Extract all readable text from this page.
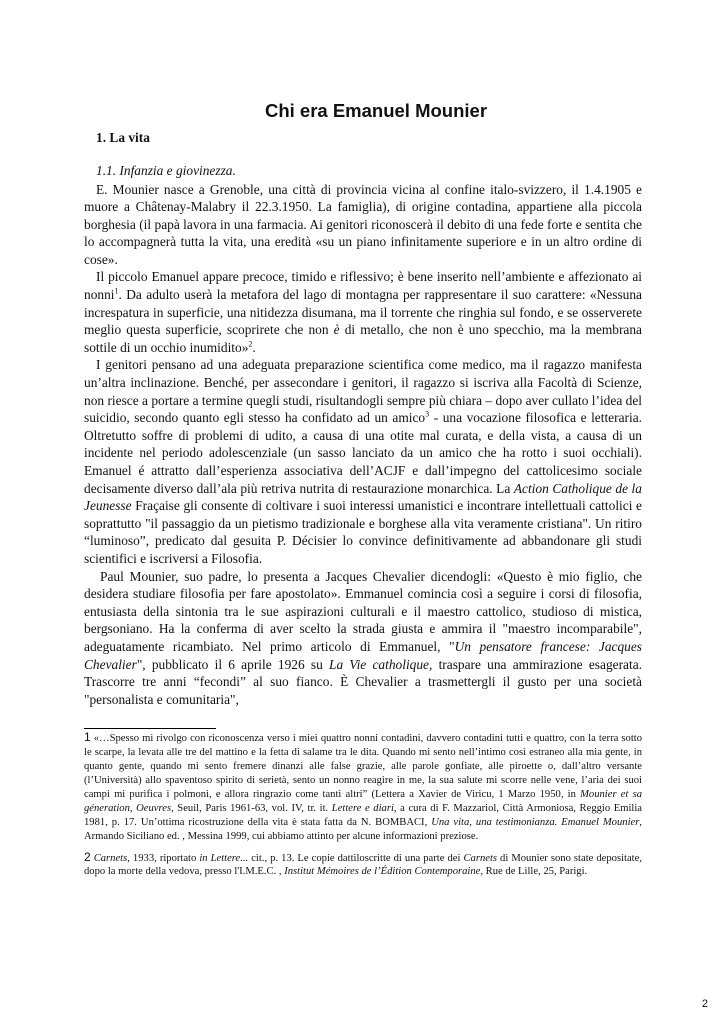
Chi era Emanuel Mounier
1. La vita
1.1. Infanzia e giovinezza.

E. Mounier nasce a Grenoble, una città di provincia vicina al confine italo-svizzero, il 1.4.1905 e muore a Châtenay-Malabry il 22.3.1950. La famiglia), di origine contadina, appartiene alla piccola borghesia (il papà lavora in una farmacia. Ai genitori riconoscerà il debito di una fede forte e sentita che lo accompagnerà tutta la vita, una eredità «su un piano infinitamente superiore e in un altro ordine di cose».

Il piccolo Emanuel appare precoce, timido e riflessivo; è bene inserito nell’ambiente e affezionato ai nonni$^1$. Da adulto userà la metafora del lago di montagna per rappresentare il suo carattere: «Nessuna increspatura in superficie, una nitidezza disumana, ma il torrente che ringhia sul fondo, e se osserverete meglio questa superficie, scoprirete che non è di metallo, che non è uno specchio, ma la membrana sottile di un occhio inumidito»$^2$.

I genitori pensano ad una adeguata preparazione scientifica come medico, ma il ragazzo manifesta un’altra inclinazione. Benché, per assecondare i genitori, il ragazzo si iscriva alla Facoltà di Scienze, non riesce a portare a termine quegli studi, risultandogli sempre più chiara – dopo aver cullato l’idea del suicidio, secondo quanto egli stesso ha confidato ad un amico$^3$ - una vocazione filosofica e letteraria. Oltretutto soffre di problemi di udito, a causa di una otite mal curata, e della vista, a causa di un incidente nel periodo adolescenziale (un sasso lanciato da un amico che ha rotto i suoi occhiali). Emanuel é attratto dall’esperienza associativa dell’ACJF e dall’impegno del cattolicesimo sociale decisamente diverso dall’ala più retriva nutrita di restaurazione monarchica. La Action Catholique de la Jeunesse Fraçaise gli consente di coltivare i suoi interessi umanistici e incontrare intellettuali cattolici e soprattutto "il passaggio da un pietismo tradizionale e borghese alla vita veramente cristiana". Un ritiro “luminoso”, predicato dal gesuita P. Décisier lo convince definitivamente ad abbandonare gli studi scientifici e iscriversi a Filosofia.

Paul Mounier, suo padre, lo presenta a Jacques Chevalier dicendogli: «Questo è mio figlio, che desidera studiare filosofia per fare apostolato». Emmanuel comincia così a seguire i corsi di filosofia, entusiasta della sintonia tra le sue aspirazioni culturali e il maestro cattolico, studioso di mistica, bergsoniano. Ha la conferma di aver scelto la strada giusta e ammira il "maestro incomparabile", adeguatamente ricambiato. Nel primo articolo di Emmanuel, "Un pensatore francese: Jacques Chevalier", pubblicato il 6 aprile 1926 su La Vie catholique, traspare una ammirazione esagerata. Trascorre tre anni “fecondi” al suo fianco. È Chevalier a trasmettergli il gusto per una società "personalista e comunitaria",

1 «…Spesso mi rivolgo con riconoscenza verso i miei quattro nonni contadini, davvero contadini tutti e quattro, con la terra sotto le scarpe, la levata alle tre del mattino e la fetta di salame tra le dita. Quando mi sento nell’intimo così estraneo alla mia gente, in quanto gente, quando mi sento fremere dinanzi alle false grazie, alle parole gonfiate, alle piroette o, dall’altro versante (l’Università) allo spaventoso spirito di serietà, sento un nonno reagire in me, la sua salute mi scorre nelle vene, l’aria dei suoi campi mi purifica i polmoni, e allora ringrazio come tanti altri” (Lettera a Xavier de Viricu, 1 Marzo 1950, in Mounier et sa géneration, Oeuvres, Seuil, Paris 1961-63, vol. IV, tr. it. Lettere e diari, a cura di F. Mazzariol, Città Armoniosa, Reggio Emilia 1981, p. 17. Un’ottima ricostruzione della vita è stata fatta da N. BOMBACI, Una vita, una testimonianza. Emanuel Mounier, Armando Siciliano ed. , Messina 1999, cui abbiamo attinto per alcune informazioni preziose.
2 Carnets, 1933, riportato in Lettere... cit., p. 13. Le copie dattiloscritte di una parte dei Carnets di Mounier sono state depositate, dopo la morte della vedova, presso l'I.M.E.C. , Institut Mémoires de l’Édition Contemporaine, Rue de Lille, 25, Parigi.
2
